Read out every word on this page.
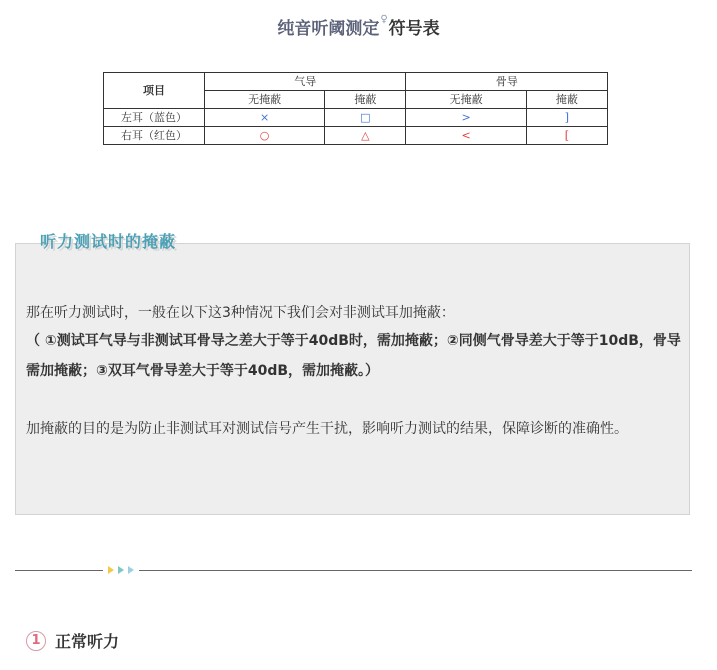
纯音听阈测定♀符号表
项目	气导		骨导	
	无掩蔽	掩蔽	无掩蔽	掩蔽
左耳（蓝色）	×	□	>	]
右耳（红色）	○	△	<	[

那在听力测试时，一般在以下这3种情况下我们会对非测试耳加掩蔽：

（ ①测试耳气导与非测试耳骨导之差大于等于40dB时，需加掩蔽；②同侧气骨导差大于等于10dB，骨导需加掩蔽；③双耳气骨导差大于等于40dB，需加掩蔽。）

加掩蔽的目的是为防止非测试耳对测试信号产生干扰，影响听力测试的结果，保障诊断的准确性。

听力测试时的掩蔽
1 正常听力
